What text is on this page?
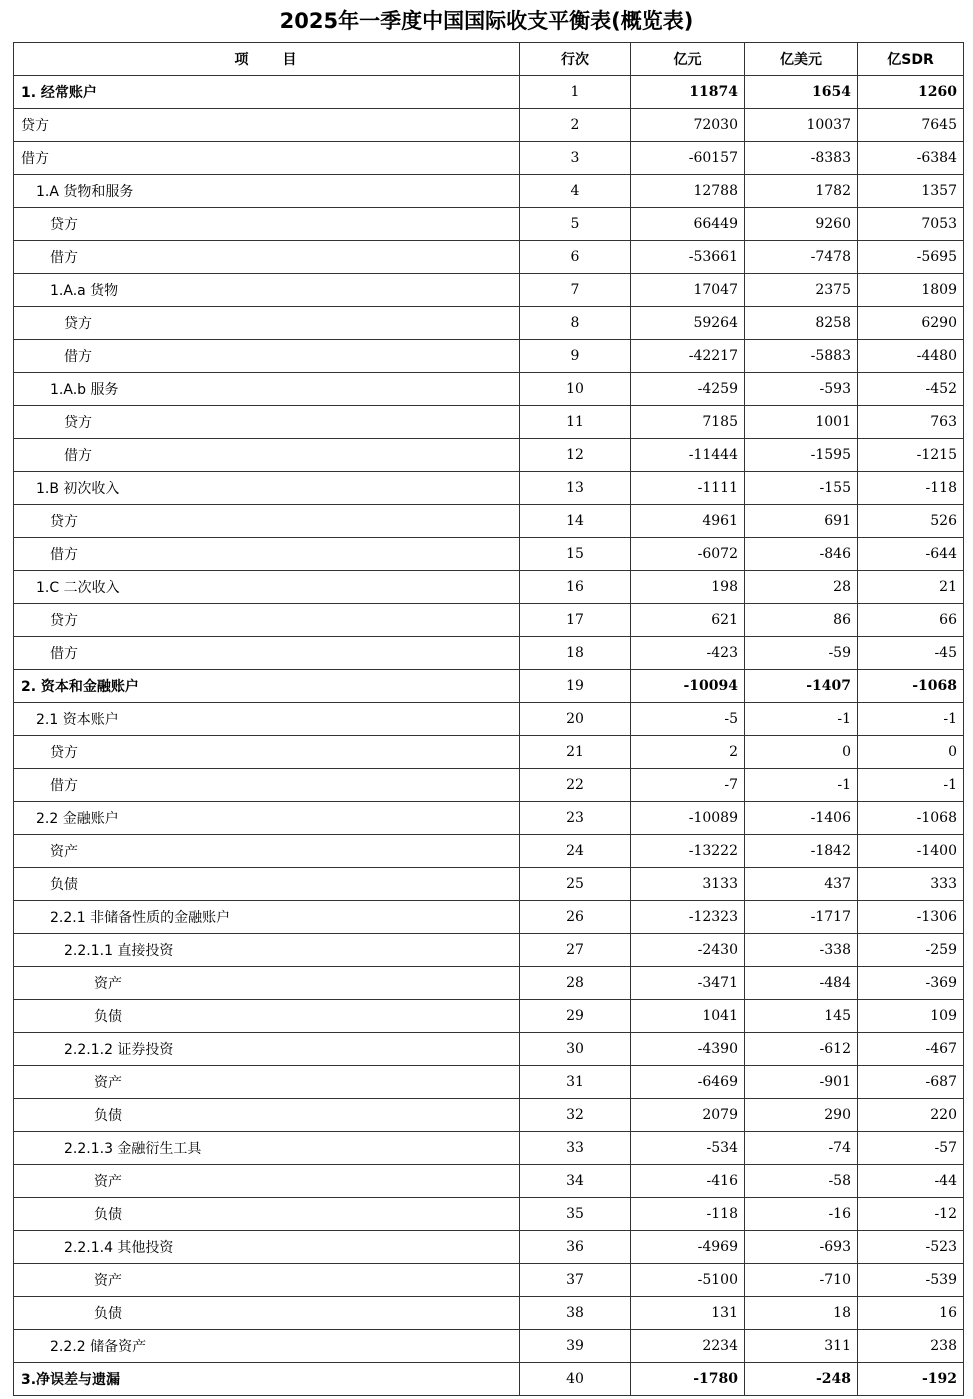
2025年一季度中国国际收支平衡表(概览表)
项　　目	行次	亿元	亿美元	亿SDR
1. 经常账户	1	11874	1654	1260
贷方	2	72030	10037	7645
借方	3	-60157	-8383	-6384
1.A 货物和服务	4	12788	1782	1357
贷方	5	66449	9260	7053
借方	6	-53661	-7478	-5695
1.A.a 货物	7	17047	2375	1809
贷方	8	59264	8258	6290
借方	9	-42217	-5883	-4480
1.A.b 服务	10	-4259	-593	-452
贷方	11	7185	1001	763
借方	12	-11444	-1595	-1215
1.B 初次收入	13	-1111	-155	-118
贷方	14	4961	691	526
借方	15	-6072	-846	-644
1.C 二次收入	16	198	28	21
贷方	17	621	86	66
借方	18	-423	-59	-45
2. 资本和金融账户	19	-10094	-1407	-1068
2.1 资本账户	20	-5	-1	-1
贷方	21	2	0	0
借方	22	-7	-1	-1
2.2 金融账户	23	-10089	-1406	-1068
资产	24	-13222	-1842	-1400
负债	25	3133	437	333
2.2.1 非储备性质的金融账户	26	-12323	-1717	-1306
2.2.1.1 直接投资	27	-2430	-338	-259
资产	28	-3471	-484	-369
负债	29	1041	145	109
2.2.1.2 证券投资	30	-4390	-612	-467
资产	31	-6469	-901	-687
负债	32	2079	290	220
2.2.1.3 金融衍生工具	33	-534	-74	-57
资产	34	-416	-58	-44
负债	35	-118	-16	-12
2.2.1.4 其他投资	36	-4969	-693	-523
资产	37	-5100	-710	-539
负债	38	131	18	16
2.2.2 储备资产	39	2234	311	238
3.净误差与遗漏	40	-1780	-248	-192
